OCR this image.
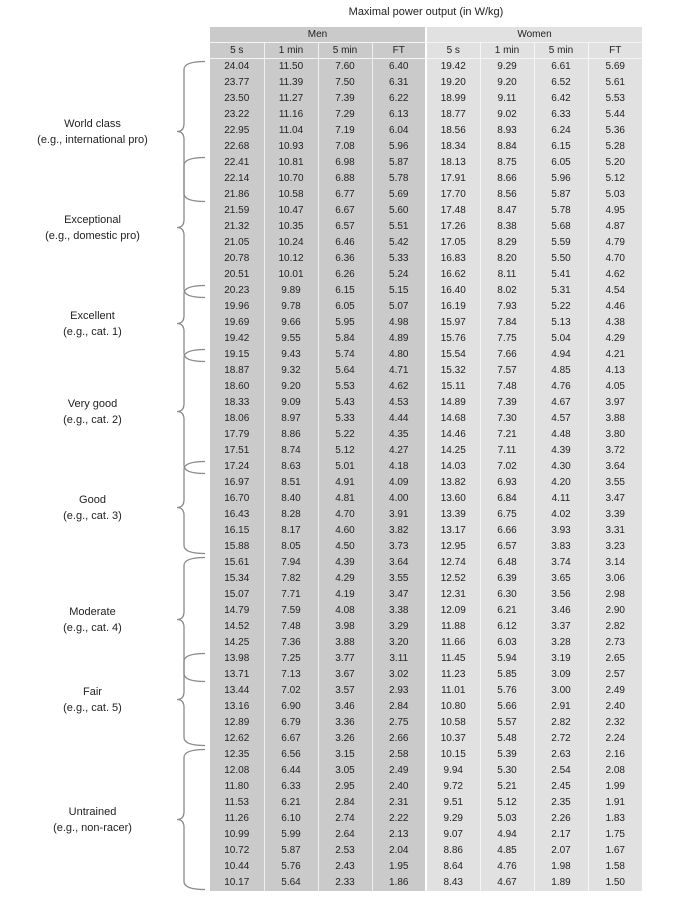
Maximal power output (in W/kg)
World class
(e.g., international pro)
Exceptional
(e.g., domestic pro)
Excellent
(e.g., cat. 1)
Very good
(e.g., cat. 2)
Good
(e.g., cat. 3)
Moderate
(e.g., cat. 4)
Fair
(e.g., cat. 5)
Untrained
(e.g., non-racer)
Men				Women			
5 s	1 min	5 min	FT	5 s	1 min	5 min	FT
24.04	11.50	7.60	6.40	19.42	9.29	6.61	5.69
23.77	11.39	7.50	6.31	19.20	9.20	6.52	5.61
23.50	11.27	7.39	6.22	18.99	9.11	6.42	5.53
23.22	11.16	7.29	6.13	18.77	9.02	6.33	5.44
22.95	11.04	7.19	6.04	18.56	8.93	6.24	5.36
22.68	10.93	7.08	5.96	18.34	8.84	6.15	5.28
22.41	10.81	6.98	5.87	18.13	8.75	6.05	5.20
22.14	10.70	6.88	5.78	17.91	8.66	5.96	5.12
21.86	10.58	6.77	5.69	17.70	8.56	5.87	5.03
21.59	10.47	6.67	5.60	17.48	8.47	5.78	4.95
21.32	10.35	6.57	5.51	17.26	8.38	5.68	4.87
21.05	10.24	6.46	5.42	17.05	8.29	5.59	4.79
20.78	10.12	6.36	5.33	16.83	8.20	5.50	4.70
20.51	10.01	6.26	5.24	16.62	8.11	5.41	4.62
20.23	9.89	6.15	5.15	16.40	8.02	5.31	4.54
19.96	9.78	6.05	5.07	16.19	7.93	5.22	4.46
19.69	9.66	5.95	4.98	15.97	7.84	5.13	4.38
19.42	9.55	5.84	4.89	15.76	7.75	5.04	4.29
19.15	9.43	5.74	4.80	15.54	7.66	4.94	4.21
18.87	9.32	5.64	4.71	15.32	7.57	4.85	4.13
18.60	9.20	5.53	4.62	15.11	7.48	4.76	4.05
18.33	9.09	5.43	4.53	14.89	7.39	4.67	3.97
18.06	8.97	5.33	4.44	14.68	7.30	4.57	3.88
17.79	8.86	5.22	4.35	14.46	7.21	4.48	3.80
17.51	8.74	5.12	4.27	14.25	7.11	4.39	3.72
17.24	8.63	5.01	4.18	14.03	7.02	4.30	3.64
16.97	8.51	4.91	4.09	13.82	6.93	4.20	3.55
16.70	8.40	4.81	4.00	13.60	6.84	4.11	3.47
16.43	8.28	4.70	3.91	13.39	6.75	4.02	3.39
16.15	8.17	4.60	3.82	13.17	6.66	3.93	3.31
15.88	8.05	4.50	3.73	12.95	6.57	3.83	3.23
15.61	7.94	4.39	3.64	12.74	6.48	3.74	3.14
15.34	7.82	4.29	3.55	12.52	6.39	3.65	3.06
15.07	7.71	4.19	3.47	12.31	6.30	3.56	2.98
14.79	7.59	4.08	3.38	12.09	6.21	3.46	2.90
14.52	7.48	3.98	3.29	11.88	6.12	3.37	2.82
14.25	7.36	3.88	3.20	11.66	6.03	3.28	2.73
13.98	7.25	3.77	3.11	11.45	5.94	3.19	2.65
13.71	7.13	3.67	3.02	11.23	5.85	3.09	2.57
13.44	7.02	3.57	2.93	11.01	5.76	3.00	2.49
13.16	6.90	3.46	2.84	10.80	5.66	2.91	2.40
12.89	6.79	3.36	2.75	10.58	5.57	2.82	2.32
12.62	6.67	3.26	2.66	10.37	5.48	2.72	2.24
12.35	6.56	3.15	2.58	10.15	5.39	2.63	2.16
12.08	6.44	3.05	2.49	9.94	5.30	2.54	2.08
11.80	6.33	2.95	2.40	9.72	5.21	2.45	1.99
11.53	6.21	2.84	2.31	9.51	5.12	2.35	1.91
11.26	6.10	2.74	2.22	9.29	5.03	2.26	1.83
10.99	5.99	2.64	2.13	9.07	4.94	2.17	1.75
10.72	5.87	2.53	2.04	8.86	4.85	2.07	1.67
10.44	5.76	2.43	1.95	8.64	4.76	1.98	1.58
10.17	5.64	2.33	1.86	8.43	4.67	1.89	1.50
